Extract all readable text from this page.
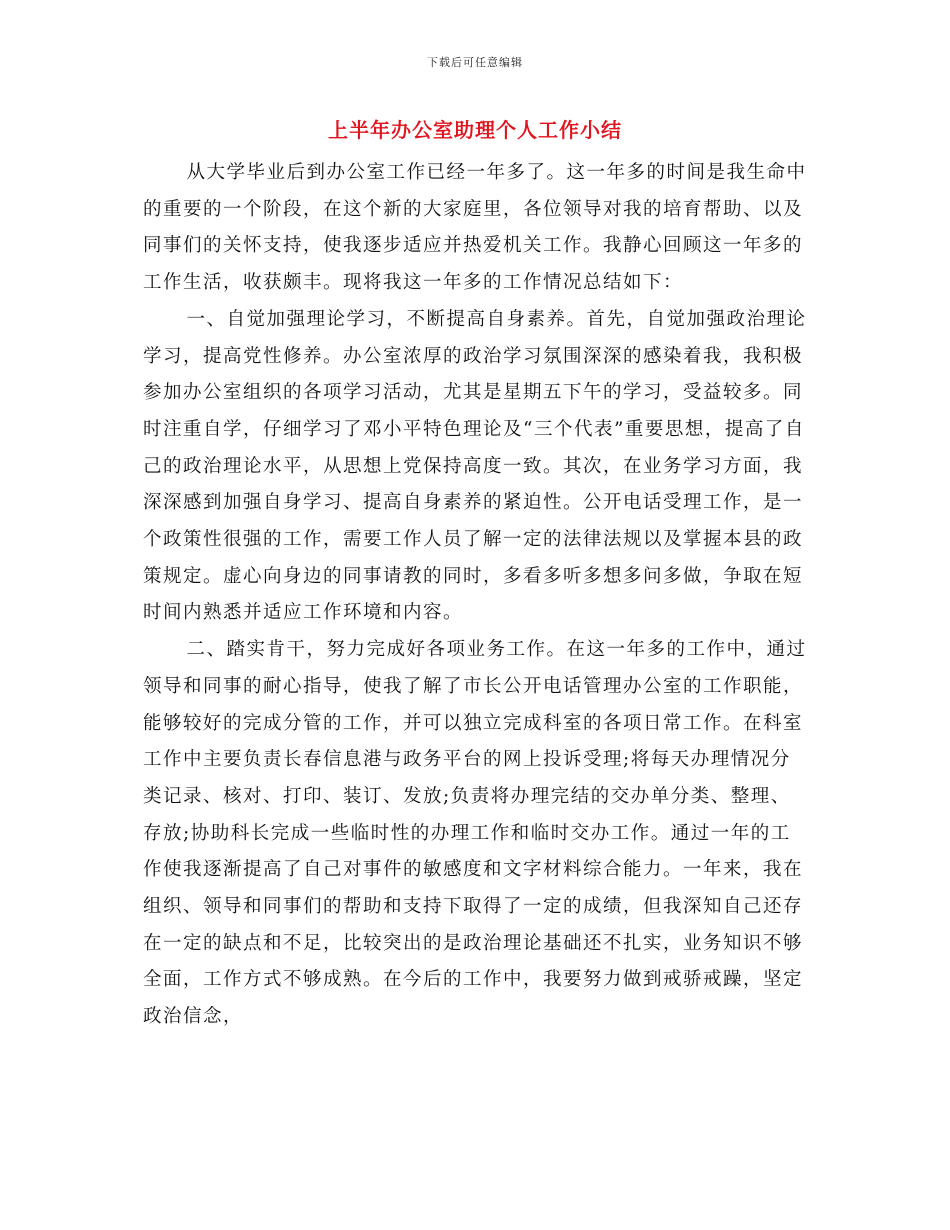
下载后可任意编辑
上半年办公室助理个人工作小结

从大学毕业后到办公室工作已经一年多了。这一年多的时间是我生命中的重要的一个阶段，在这个新的大家庭里，各位领导对我的培育帮助、以及同事们的关怀支持，使我逐步适应并热爱机关工作。我静心回顾这一年多的工作生活，收获颇丰。现将我这一年多的工作情况总结如下：

一、自觉加强理论学习，不断提高自身素养。首先，自觉加强政治理论学习，提高党性修养。办公室浓厚的政治学习氛围深深的感染着我，我积极参加办公室组织的各项学习活动，尤其是星期五下午的学习，受益较多。同时注重自学，仔细学习了邓小平特色理论及“三个代表”重要思想，提高了自己的政治理论水平，从思想上党保持高度一致。其次，在业务学习方面，我深深感到加强自身学习、提高自身素养的紧迫性。公开电话受理工作，是一个政策性很强的工作，需要工作人员了解一定的法律法规以及掌握本县的政策规定。虚心向身边的同事请教的同时，多看多听多想多问多做，争取在短时间内熟悉并适应工作环境和内容。

二、踏实肯干，努力完成好各项业务工作。在这一年多的工作中，通过领导和同事的耐心指导，使我了解了市长公开电话管理办公室的工作职能，能够较好的完成分管的工作，并可以独立完成科室的各项日常工作。在科室工作中主要负责长春信息港与政务平台的网上投诉受理;将每天办理情况分类记录、核对、打印、装订、发放;负责将办理完结的交办单分类、整理、存放;协助科长完成一些临时性的办理工作和临时交办工作。通过一年的工作使我逐渐提高了自己对事件的敏感度和文字材料综合能力。一年来，我在组织、领导和同事们的帮助和支持下取得了一定的成绩，但我深知自己还存在一定的缺点和不足，比较突出的是政治理论基础还不扎实，业务知识不够全面，工作方式不够成熟。在今后的工作中，我要努力做到戒骄戒躁，坚定政治信念，
